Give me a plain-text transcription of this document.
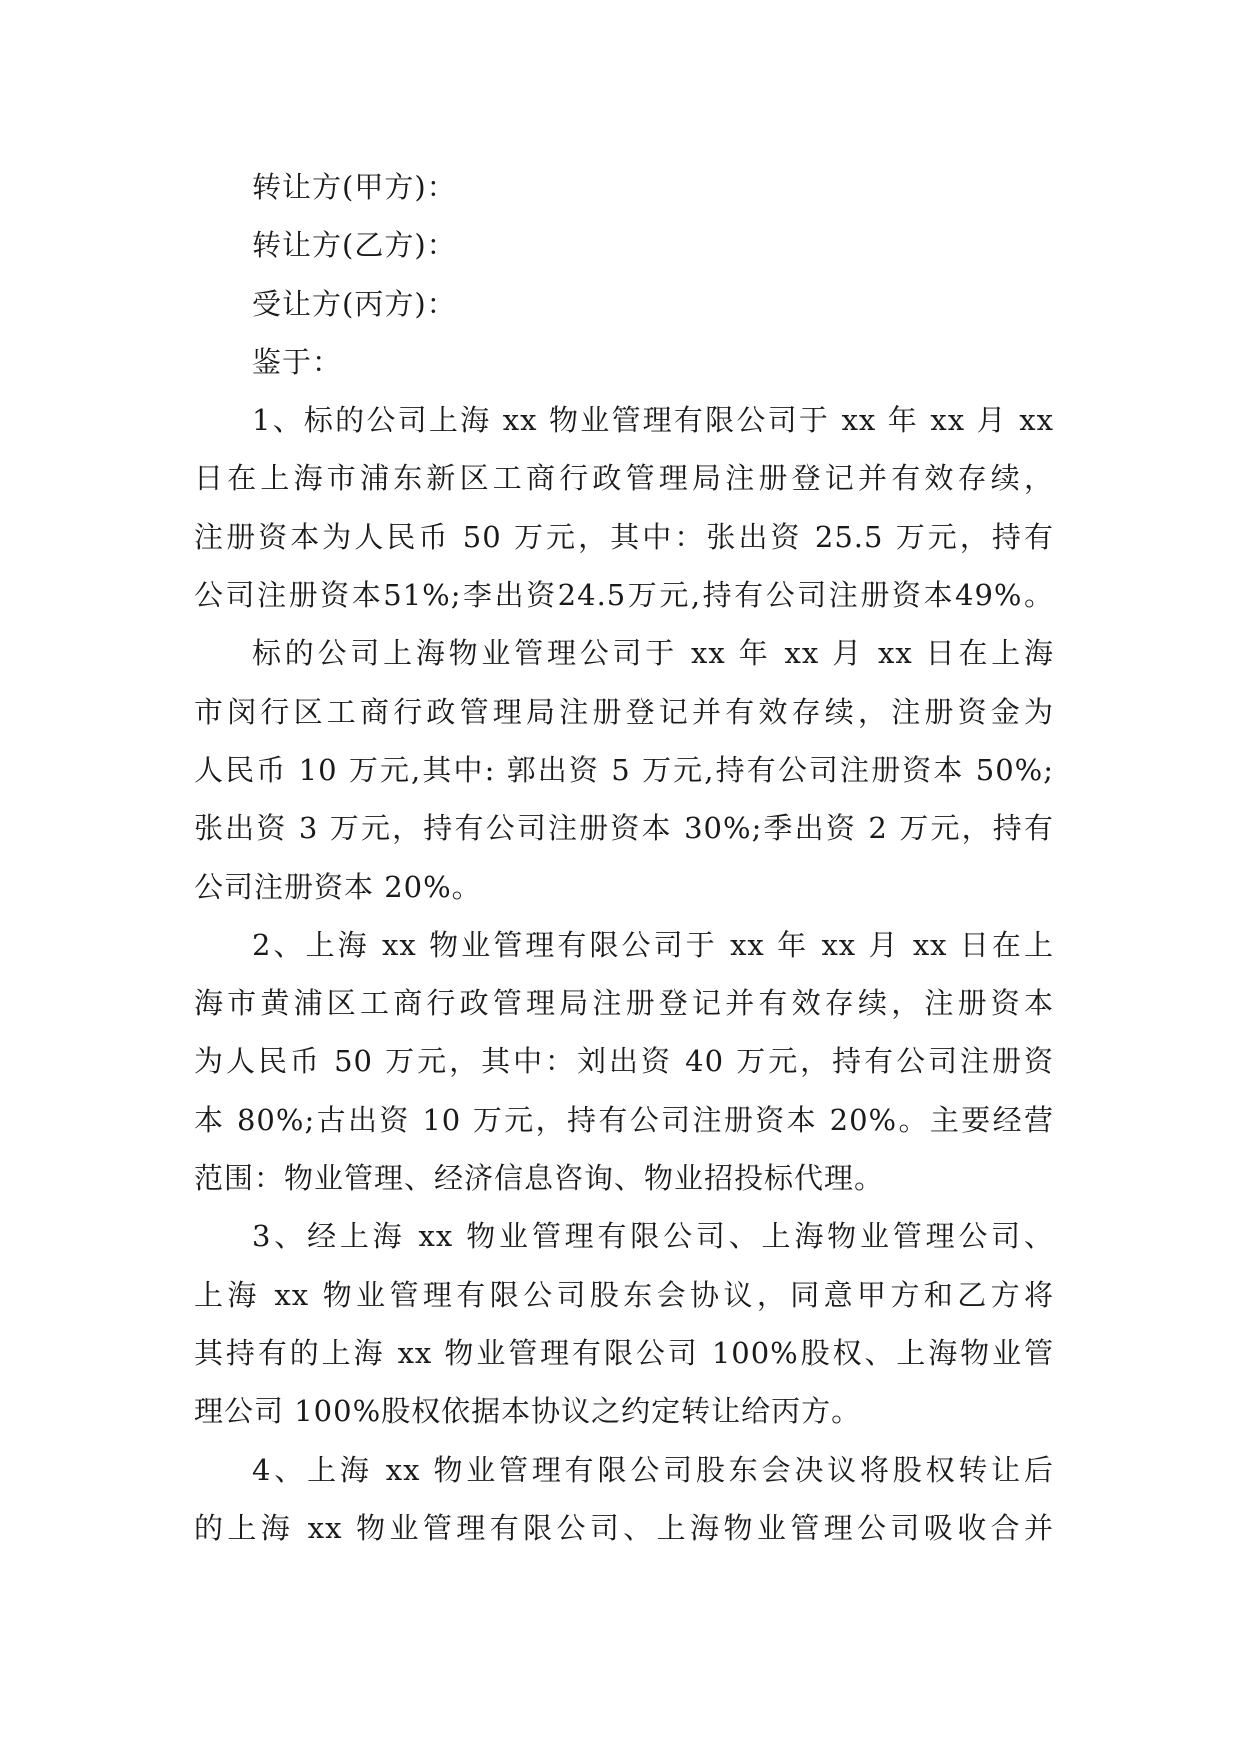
转让方(甲方)：
转让方(乙方)：
受让方(丙方)：
鉴于：
1、标的公司上海 xx 物业管理有限公司于 xx 年 xx 月 xx
日在上海市浦东新区工商行政管理局注册登记并有效存续，
注册资本为人民币 50 万元，其中：张出资 25.5 万元，持有
公司注册资本51%;李出资24.5万元,持有公司注册资本49%。
标的公司上海物业管理公司于 xx 年 xx 月 xx 日在上海
市闵行区工商行政管理局注册登记并有效存续，注册资金为
人民币 10 万元,其中: 郭出资 5 万元,持有公司注册资本 50%;
张出资 3 万元，持有公司注册资本 30%;季出资 2 万元，持有
公司注册资本 20%。
2、上海 xx 物业管理有限公司于 xx 年 xx 月 xx 日在上
海市黄浦区工商行政管理局注册登记并有效存续，注册资本
为人民币 50 万元，其中：刘出资 40 万元，持有公司注册资
本 80%;古出资 10 万元，持有公司注册资本 20%。主要经营
范围：物业管理、经济信息咨询、物业招投标代理。
3、经上海 xx 物业管理有限公司、上海物业管理公司、
上海 xx 物业管理有限公司股东会协议，同意甲方和乙方将
其持有的上海 xx 物业管理有限公司 100%股权、上海物业管
理公司 100%股权依据本协议之约定转让给丙方。
4、上海 xx 物业管理有限公司股东会决议将股权转让后
的上海 xx 物业管理有限公司、上海物业管理公司吸收合并
